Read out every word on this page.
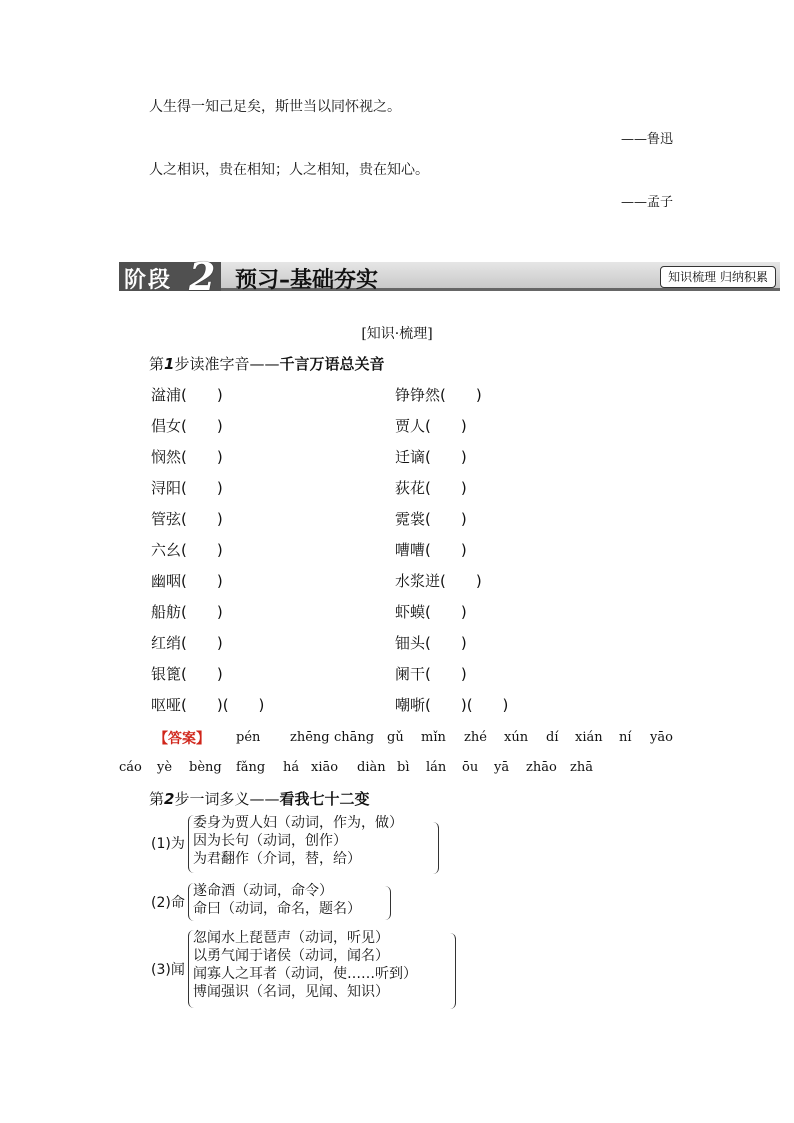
人生得一知己足矣，斯世当以同怀视之。
——鲁迅
人之相识，贵在相知；人之相知，贵在知心。
——孟子
阶段 2 预习–基础夯实	知识梳理 归纳积累
[知识·梳理]
第1步读准字音——千言万语总关音
湓浦(　　)	铮铮然(　　)
倡女(　　)	贾人(　　)
悯然(　　)	迁谪(　　)
浔阳(　　)	荻花(　　)
管弦(　　)	霓裳(　　)
六幺(　　)	嘈嘈(　　)
幽咽(　　)	水浆迸(　　)
船舫(　　)	虾蟆(　　)
红绡(　　)	钿头(　　)
银篦(　　)	阑干(　　)
呕哑(　　)(　　)	嘲哳(　　)(　　)
【答案】 pén zhēng chāng gǔ mǐn zhé xún dí xián ní yāo
cáo yè bèng fǎng há xiāo diàn bì lán ōu yā zhāo zhā
第2步一词多义——看我七十二变
(1)为
委身为贾人妇（动词，作为，做）
因为长句（动词，创作）
为君翻作（介词，替，给）
(2)命
遂命酒（动词，命令）
命曰（动词，命名，题名）
(3)闻
忽闻水上琵琶声（动词，听见）
以勇气闻于诸侯（动词，闻名）
闻寡人之耳者（动词，使……听到）
博闻强识（名词，见闻、知识）
